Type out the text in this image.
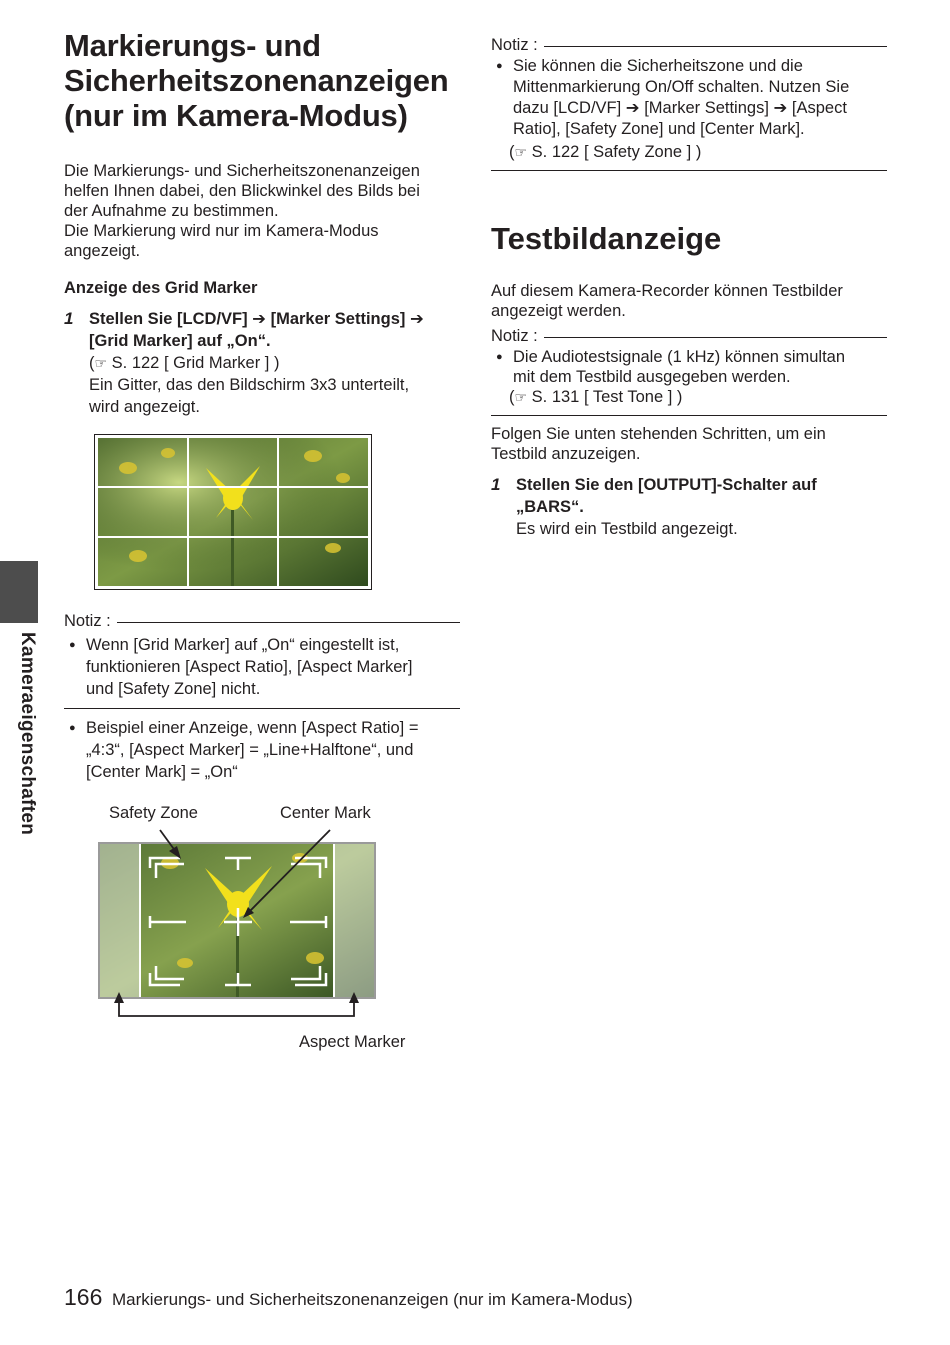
Kameraeigenschaften
Markierungs- und
Sicherheitszonenanzeigen
(nur im Kamera-Modus)
Die Markierungs- und Sicherheitszonenanzeigen
helfen Ihnen dabei, den Blickwinkel des Bilds bei
der Aufnahme zu bestimmen.
Die Markierung wird nur im Kamera-Modus
angezeigt.
Anzeige des Grid Marker
1 Stellen Sie [LCD/VF] ➔ [Marker Settings] ➔
[Grid Marker] auf „On“.
(☞ S. 122 [ Grid Marker ] )
Ein Gitter, das den Bildschirm 3x3 unterteilt,
wird angezeigt.
Notiz :
● Wenn [Grid Marker] auf „On“ eingestellt ist,
funktionieren [Aspect Ratio], [Aspect Marker]
und [Safety Zone] nicht.
● Beispiel einer Anzeige, wenn [Aspect Ratio] =
„4:3“, [Aspect Marker] = „Line+Halftone“, und
[Center Mark] = „On“
Safety Zone	Center Mark
Aspect Marker
Notiz :
● Sie können die Sicherheitszone und die
Mittenmarkierung On/Off schalten. Nutzen Sie
dazu [LCD/VF] ➔ [Marker Settings] ➔ [Aspect
Ratio], [Safety Zone] und [Center Mark].
(☞ S. 122 [ Safety Zone ] )
Testbildanzeige
Auf diesem Kamera-Recorder können Testbilder
angezeigt werden.
Notiz :
● Die Audiotestsignale (1 kHz) können simultan
mit dem Testbild ausgegeben werden.
(☞ S. 131 [ Test Tone ] )
Folgen Sie unten stehenden Schritten, um ein
Testbild anzuzeigen.
1 Stellen Sie den [OUTPUT]-Schalter auf
„BARS“.
Es wird ein Testbild angezeigt.
166 Markierungs- und Sicherheitszonenanzeigen (nur im Kamera-Modus)
